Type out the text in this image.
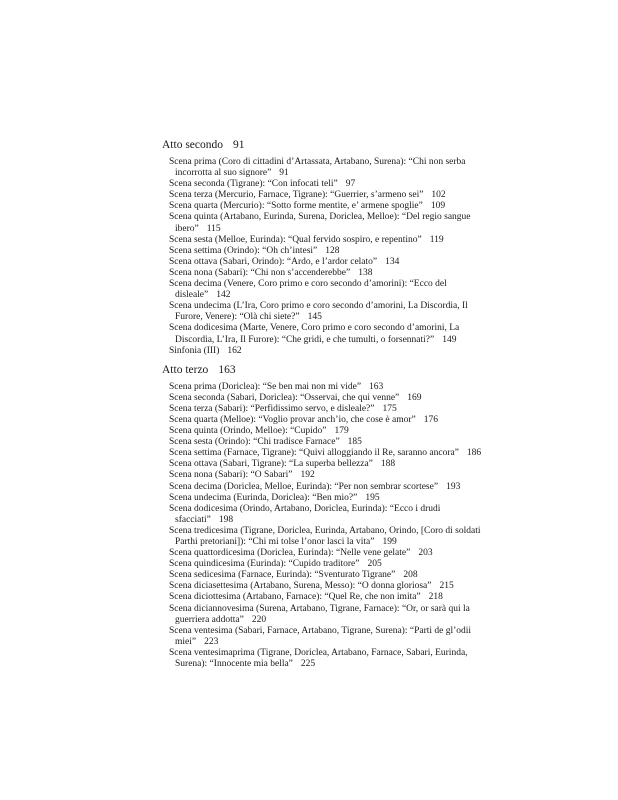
Atto secondo 91
Scena prima (Coro di cittadini d’Artassata, Artabano, Surena): “Chi non serba
incorrotta al suo signore” 91
Scena seconda (Tigrane): “Con infocati teli” 97
Scena terza (Mercurio, Farnace, Tigrane): “Guerrier, s’armeno sei” 102
Scena quarta (Mercurio): “Sotto forme mentite, e’ armene spoglie” 109
Scena quinta (Artabano, Eurinda, Surena, Doriclea, Melloe): “Del regio sangue
ibero” 115
Scena sesta (Melloe, Eurinda): “Qual fervido sospiro, e repentino” 119
Scena settima (Orindo): “Oh ch’intesi” 128
Scena ottava (Sabari, Orindo): “Ardo, e l’ardor celato” 134
Scena nona (Sabari): “Chi non s’accenderebbe” 138
Scena decima (Venere, Coro primo e coro secondo d’amorini): “Ecco del
disleale” 142
Scena undecima (L’Ira, Coro primo e coro secondo d’amorini, La Discordia, Il
Furore, Venere): “Olà chi siete?” 145
Scena dodicesima (Marte, Venere, Coro primo e coro secondo d’amorini, La
Discordia, L’Ira, Il Furore): “Che gridi, e che tumulti, o forsennati?” 149
Sinfonia (III) 162
Atto terzo 163
Scena prima (Doriclea): “Se ben mai non mi vide” 163
Scena seconda (Sabari, Doriclea): “Osservai, che qui venne” 169
Scena terza (Sabari): “Perfidissimo servo, e disleale?” 175
Scena quarta (Melloe): “Voglio provar anch’io, che cose è amor” 176
Scena quinta (Orindo, Melloe): “Cupido” 179
Scena sesta (Orindo): “Chi tradisce Farnace” 185
Scena settima (Farnace, Tigrane): “Quivi alloggiando il Re, saranno ancora” 186
Scena ottava (Sabari, Tigrane): “La superba bellezza” 188
Scena nona (Sabari): “O Sabari” 192
Scena decima (Doriclea, Melloe, Eurinda): “Per non sembrar scortese” 193
Scena undecima (Eurinda, Doriclea): “Ben mio?” 195
Scena dodicesima (Orindo, Artabano, Doriclea, Eurinda): “Ecco i drudi
sfacciati” 198
Scena tredicesima (Tigrane, Doriclea, Eurinda, Artabano, Orindo, [Coro di soldati
Parthi pretoriani]): “Chi mi tolse l’onor lasci la vita” 199
Scena quattordicesima (Doriclea, Eurinda): “Nelle vene gelate” 203
Scena quindicesima (Eurinda): “Cupido traditore” 205
Scena sedicesima (Farnace, Eurinda): “Sventurato Tigrane” 208
Scena diciasettesima (Artabano, Surena, Messo): “O donna gloriosa” 215
Scena diciottesima (Artabano, Farnace): “Quel Re, che non imita” 218
Scena diciannovesima (Surena, Artabano, Tigrane, Farnace): “Or, or sarà qui la
guerriera addotta” 220
Scena ventesima (Sabari, Farnace, Artabano, Tigrane, Surena): “Parti de gl’odii
miei” 223
Scena ventesimaprima (Tigrane, Doriclea, Artabano, Farnace, Sabari, Eurinda,
Surena): “Innocente mia bella” 225
